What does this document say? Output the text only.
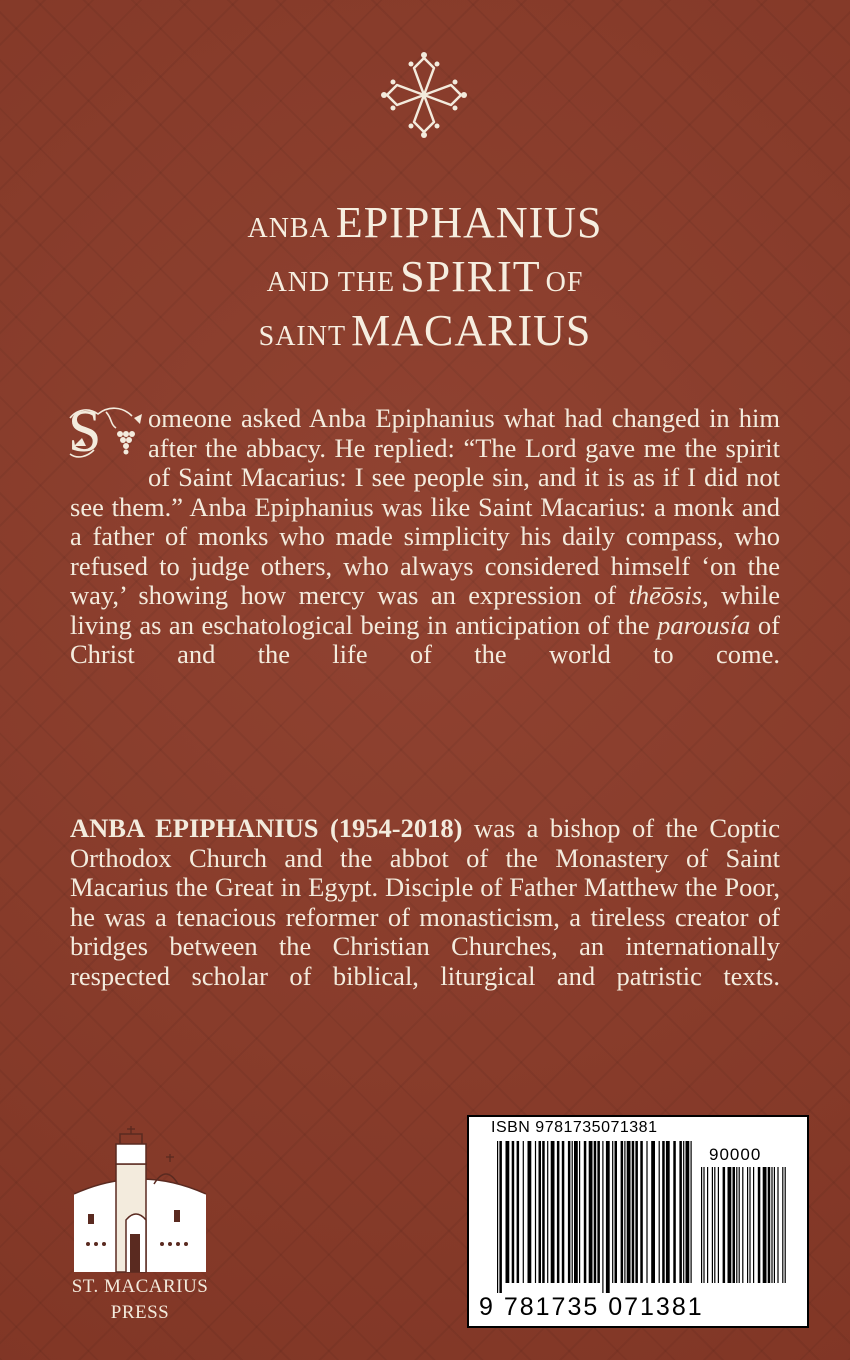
ANBA EPIPHANIUS
AND THE SPIRIT OF
SAINT MACARIUS
S omeone asked Anba Epiphanius what had changed in him after the abbacy. He replied: “The Lord gave me the spirit of Saint Macarius: I see people sin, and it is as if I did not see them.” Anba Epiphanius was like Saint Macarius: a monk and a father of monks who made simplicity his daily compass, who refused to judge others, who always considered himself ‘on the way,’ showing how mercy was an expression of thēōsis, while living as an eschatological being in anticipation of the parousía of Christ and the life of the world to come.
ANBA EPIPHANIUS (1954-2018) was a bishop of the Coptic Orthodox Church and the abbot of the Monastery of Saint Macarius the Great in Egypt. Disciple of Father Matthew the Poor, he was a tenacious reformer of monasticism, a tireless creator of bridges between the Christian Churches, an internationally respected scholar of biblical, liturgical and patristic texts.
ST. MACARIUS
PRESS
ISBN 9781735071381
90000
9 781735 071381
